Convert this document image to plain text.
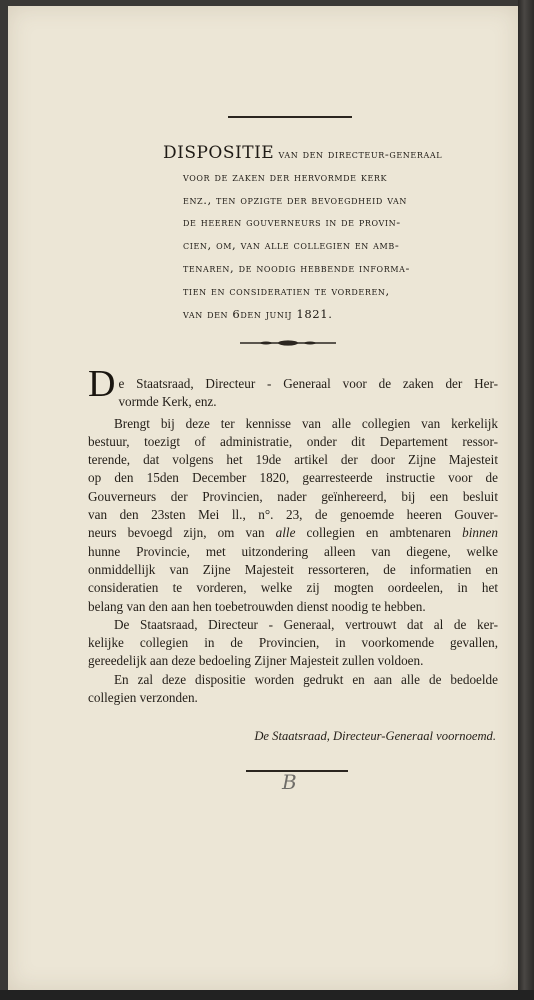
DISPOSITIE van den directeur-generaal
voor de zaken der hervormde kerk
enz., ten opzigte der bevoegdheid van
de heeren gouverneurs in de provin-
cien, om, van alle collegien en amb-
tenaren, de noodig hebbende informa-
tien en consideratien te vorderen,
van den 6den junij 1821.
D e Staatsraad, Directeur - Generaal voor de zaken der Her-
vormde Kerk, enz.
Brengt bij deze ter kennisse van alle collegien van kerkelijk
bestuur, toezigt of administratie, onder dit Departement ressor-
terende, dat volgens het 19de artikel der door Zijne Majesteit
op den 15den December 1820, gearresteerde instructie voor de
Gouverneurs der Provincien, nader geïnhereerd, bij een besluit
van den 23sten Mei ll., n°. 23, de genoemde heeren Gouver-
neurs bevoegd zijn, om van alle collegien en ambtenaren binnen
hunne Provincie, met uitzondering alleen van diegene, welke
onmiddellijk van Zijne Majesteit ressorteren, de informatien en
consideratien te vorderen, welke zij mogten oordeelen, in het
belang van den aan hen toebetrouwden dienst noodig te hebben.
De Staatsraad, Directeur - Generaal, vertrouwt dat al de ker-
kelijke collegien in de Provincien, in voorkomende gevallen,
gereedelijk aan deze bedoeling Zijner Majesteit zullen voldoen.
En zal deze dispositie worden gedrukt en aan alle de bedoelde
collegien verzonden.
De Staatsraad, Directeur-Generaal voornoemd.
B
